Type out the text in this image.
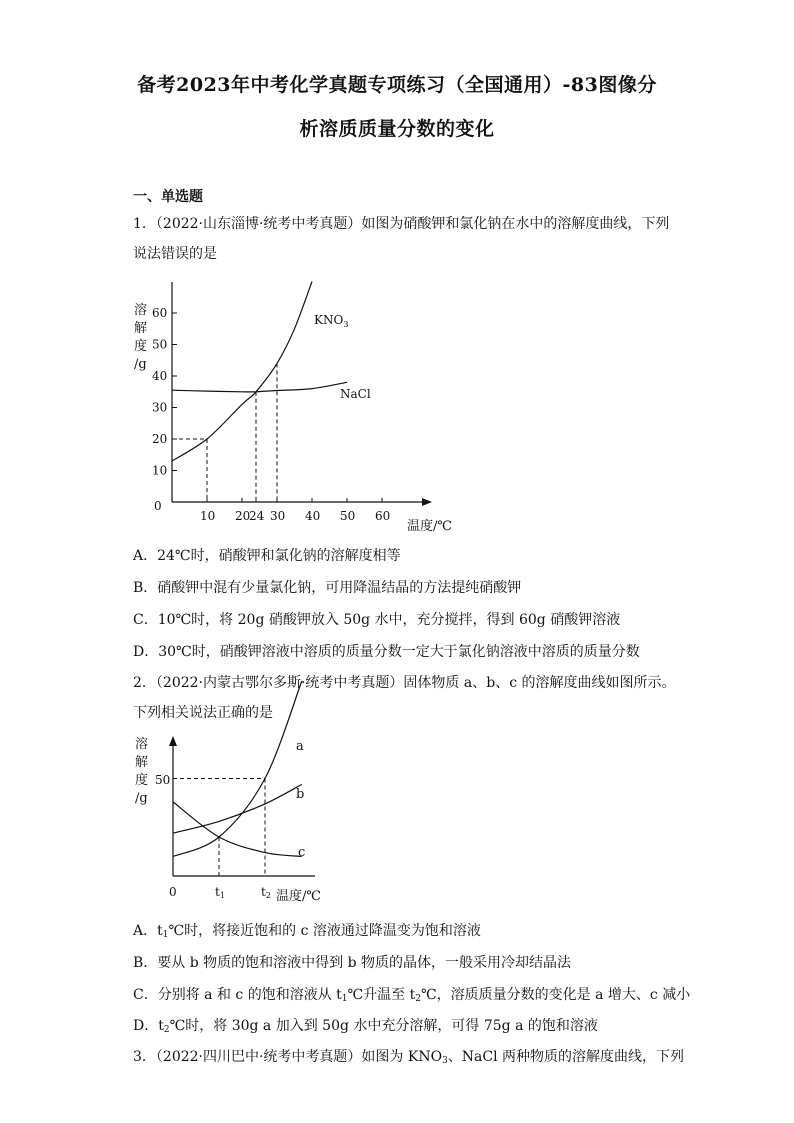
备考2023年中考化学真题专项练习（全国通用）-83图像分
析溶质质量分数的变化
一、单选题
1．（2022·山东淄博·统考中考真题）如图为硝酸钾和氯化钠在水中的溶解度曲线，下列
说法错误的是
溶
解
度
/g
0
10
20
30
40
50
60
10 20
24 30 40 50 60
$KNO_3$
NaCl
温度/℃
A．24℃时，硝酸钾和氯化钠的溶解度相等
B．硝酸钾中混有少量氯化钠，可用降温结晶的方法提纯硝酸钾
C．10℃时，将 20g 硝酸钾放入 50g 水中，充分搅拌，得到 60g 硝酸钾溶液
D．30℃时，硝酸钾溶液中溶质的质量分数一定大于氯化钠溶液中溶质的质量分数
2．（2022·内蒙古鄂尔多斯·统考中考真题）固体物质 a、b、c 的溶解度曲线如图所示。
下列相关说法正确的是
溶
解
度
/g
a
b
c
50
0	t1	t2 温度/℃
A．$t_1℃$时，将接近饱和的 c 溶液通过降温变为饱和溶液
B．要从 b 物质的饱和溶液中得到 b 物质的晶体，一般采用冷却结晶法
C．分别将 a 和 c 的饱和溶液从 $t_1℃$升温至 $t_2℃$，溶质质量分数的变化是 a 增大、c 减小
D．$t_2℃$时，将 30g a 加入到 50g 水中充分溶解，可得 75g a 的饱和溶液
3．（2022·四川巴中·统考中考真题）如图为 $KNO_3$、NaCl 两种物质的溶解度曲线，下列
